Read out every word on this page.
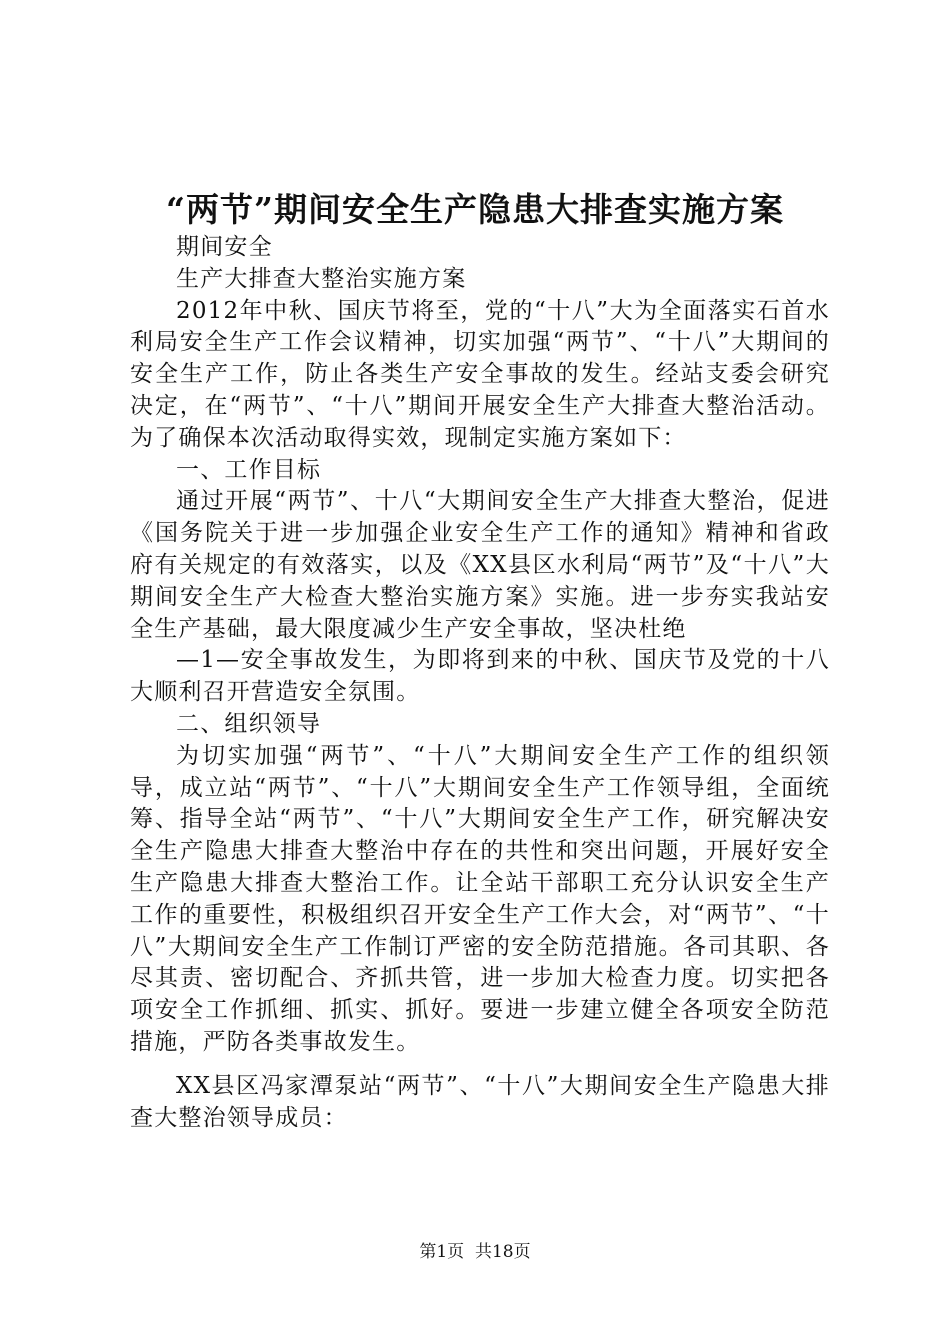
“两节”期间安全生产隐患大排查实施方案

期间安全

生产大排查大整治实施方案

2012年中秋、国庆节将至，党的“十八”大为全面落实石首水利局安全生产工作会议精神，切实加强“两节”、“十八”大期间的安全生产工作，防止各类生产安全事故的发生。经站支委会研究决定，在“两节”、“十八”期间开展安全生产大排查大整治活动。为了确保本次活动取得实效，现制定实施方案如下：

一、工作目标

通过开展“两节”、十八“大期间安全生产大排查大整治，促进《国务院关于进一步加强企业安全生产工作的通知》精神和省政府有关规定的有效落实，以及《XX县区水利局“两节”及“十八”大期间安全生产大检查大整治实施方案》实施。进一步夯实我站安全生产基础，最大限度减少生产安全事故，坚决杜绝

—1—安全事故发生，为即将到来的中秋、国庆节及党的十八大顺利召开营造安全氛围。

二、组织领导

为切实加强“两节”、“十八”大期间安全生产工作的组织领导，成立站“两节”、“十八”大期间安全生产工作领导组，全面统筹、指导全站“两节”、“十八”大期间安全生产工作，研究解决安全生产隐患大排查大整治中存在的共性和突出问题，开展好安全生产隐患大排查大整治工作。让全站干部职工充分认识安全生产工作的重要性，积极组织召开安全生产工作大会，对“两节”、“十八”大期间安全生产工作制订严密的安全防范措施。各司其职、各尽其责、密切配合、齐抓共管，进一步加大检查力度。切实把各项安全工作抓细、抓实、抓好。要进一步建立健全各项安全防范措施，严防各类事故发生。

XX县区冯家潭泵站“两节”、“十八”大期间安全生产隐患大排查大整治领导成员：

第1页  共18页
